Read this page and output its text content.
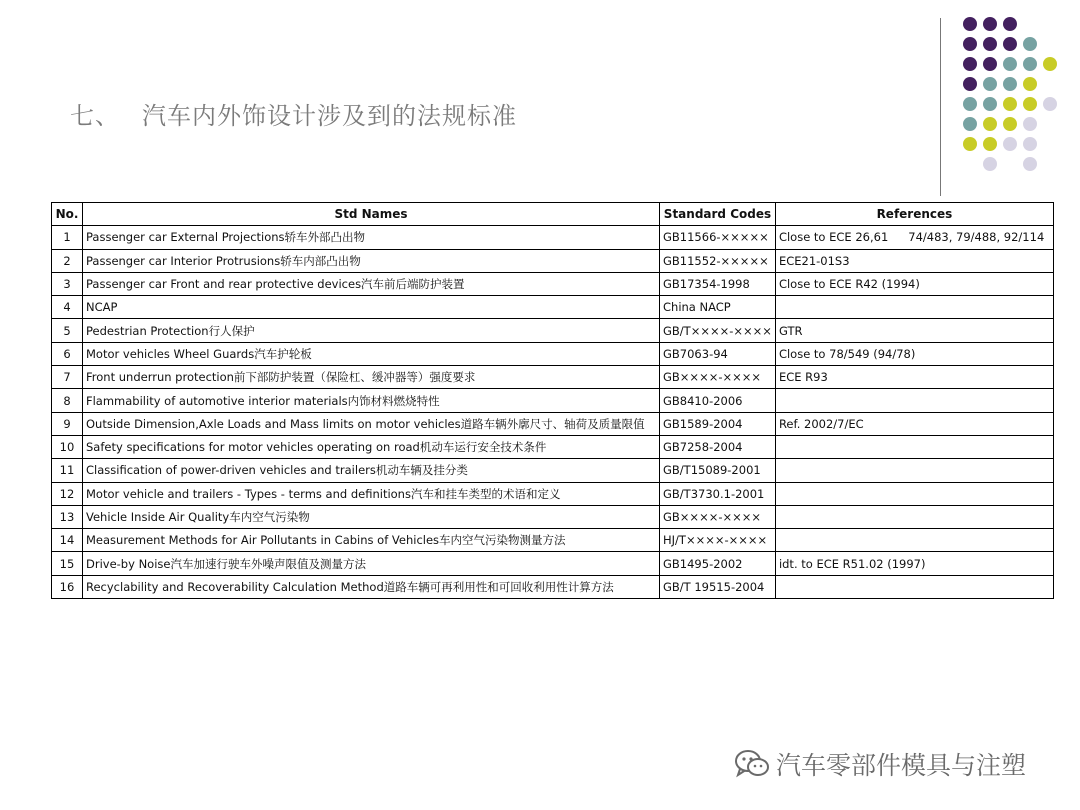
七、 汽车内外饰设计涉及到的法规标准
No.	Std Names	Standard Codes	References
1	Passenger car External Projections轿车外部凸出物	GB11566-×××××	Close to ECE 26,61 74/483, 79/488, 92/114
2	Passenger car Interior Protrusions轿车内部凸出物	GB11552-×××××	ECE21-01S3
3	Passenger car Front and rear protective devices汽车前后端防护装置	GB17354-1998	Close to ECE R42 (1994)
4	NCAP	China NACP	
5	Pedestrian Protection行人保护	GB/T××××-××××	GTR
6	Motor vehicles Wheel Guards汽车护轮板	GB7063-94	Close to 78/549 (94/78)
7	Front underrun protection前下部防护装置（保险杠、缓冲器等）强度要求	GB××××-××××	ECE R93
8	Flammability of automotive interior materials内饰材料燃烧特性	GB8410-2006	
9	Outside Dimension,Axle Loads and Mass limits on motor vehicles道路车辆外廓尺寸、轴荷及质量限值	GB1589-2004	Ref. 2002/7/EC
10	Safety specifications for motor vehicles operating on road机动车运行安全技术条件	GB7258-2004	
11	Classification of power-driven vehicles and trailers机动车辆及挂分类	GB/T15089-2001	
12	Motor vehicle and trailers - Types - terms and definitions汽车和挂车类型的术语和定义	GB/T3730.1-2001	
13	Vehicle Inside Air Quality车内空气污染物	GB××××-××××	
14	Measurement Methods for Air Pollutants in Cabins of Vehicles车内空气污染物测量方法	HJ/T××××-××××	
15	Drive-by Noise汽车加速行驶车外噪声限值及测量方法	GB1495-2002	idt. to ECE R51.02 (1997)
16	Recyclability and Recoverability Calculation Method道路车辆可再利用性和可回收利用性计算方法	GB/T 19515-2004	
汽车零部件模具与注塑
